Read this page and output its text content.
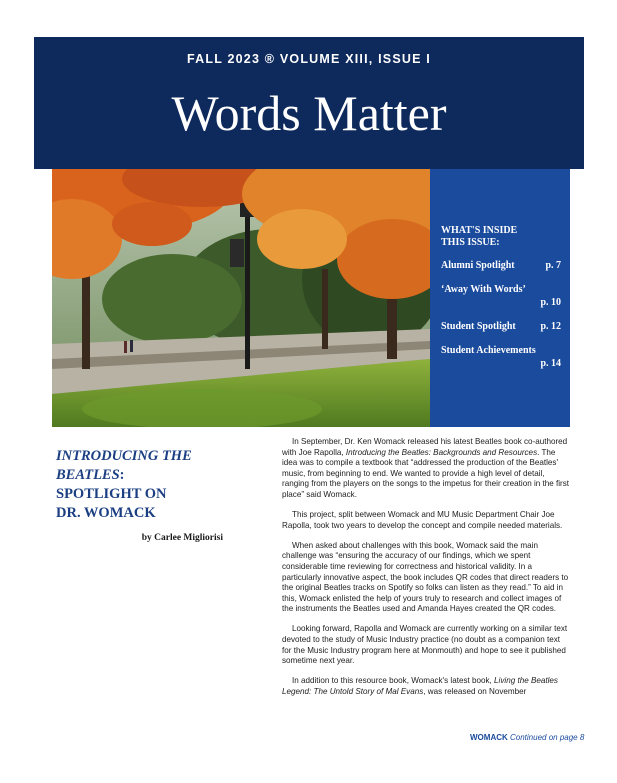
FALL 2023 ® VOLUME XIII, ISSUE I
Words Matter
WHAT'S INSIDE
THIS ISSUE:
Alumni Spotlight	p. 7
‘Away With Words’
p. 10
Student Spotlight p. 12
Student Achievements
p. 14
INTRODUCING THE
BEATLES:
SPOTLIGHT ON
DR. WOMACK
by Carlee Migliorisi

In September, Dr. Ken Womack released his latest Beatles book co-authored with Joe Rapolla, Introducing the Beatles: Backgrounds and Resources. The idea was to compile a textbook that “addressed the production of the Beatles' music, from beginning to end. We wanted to provide a high level of detail, ranging from the players on the songs to the impetus for their creation in the first place” said Womack.

This project, split between Womack and MU Music Department Chair Joe Rapolla, took two years to develop the concept and compile needed materials.

When asked about challenges with this book, Womack said the main challenge was “ensuring the accuracy of our findings, which we spent considerable time reviewing for correctness and historical validity. In a particularly innovative aspect, the book includes QR codes that direct readers to the original Beatles tracks on Spotify so folks can listen as they read.” To aid in this, Womack enlisted the help of yours truly to research and collect images of the instruments the Beatles used and Amanda Hayes created the QR codes.

Looking forward, Rapolla and Womack are currently working on a similar text devoted to the study of Music Industry practice (no doubt as a companion text for the Music Industry program here at Monmouth) and hope to see it published sometime next year.

In addition to this resource book, Womack's latest book, Living the Beatles Legend: The Untold Story of Mal Evans, was released on November

WOMACK Continued on page 8
